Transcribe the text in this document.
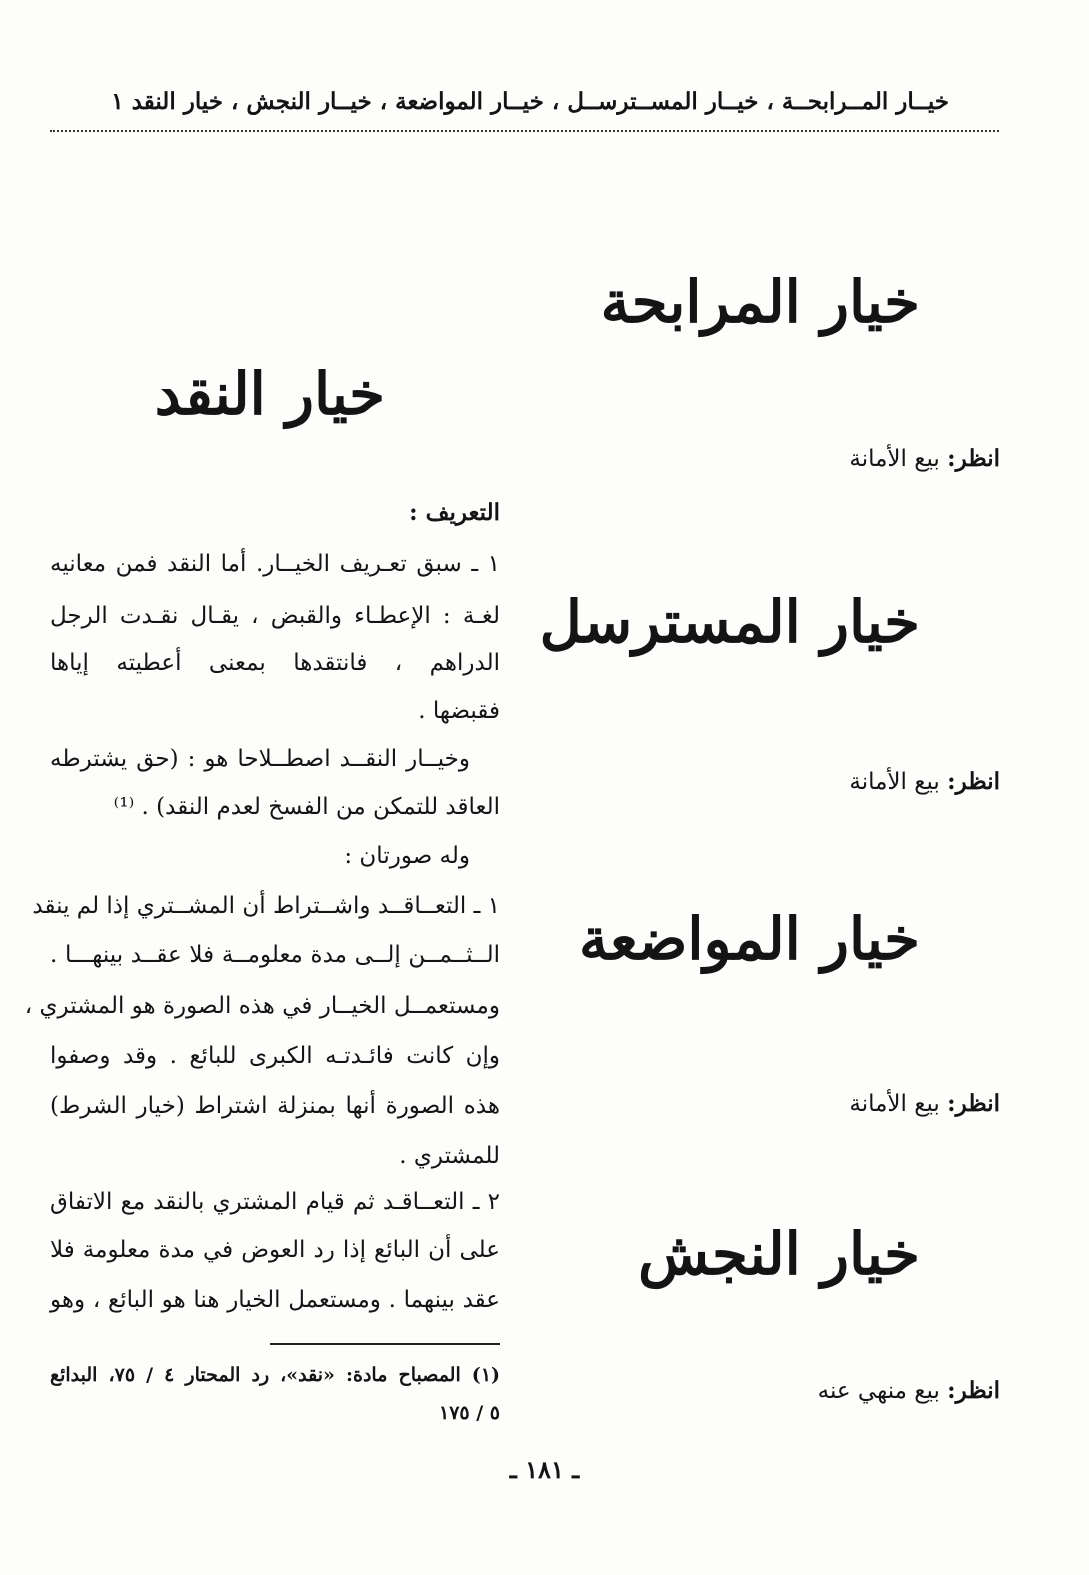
خيــار المــرابحــة ، خيــار المســترســل ، خيــار المواضعة ، خيــار النجش ، خيار النقد ١
خيار المرابحة
انظر: بيع الأمانة
خيار المسترسل
انظر: بيع الأمانة
خيار المواضعة
انظر: بيع الأمانة
خيار النجش
انظر: بيع منهي عنه
خيار النقد
التعريف :
١ ـ سبق تعـريف الخيــار. أما النقد فمن معانيه
لغـة : الإعطـاء والقبض ، يقـال نقـدت الرجل
الدراهم ، فانتقدها بمعنى أعطيته إياها
فقبضها .
وخيــار النقــد اصطــلاحا هو : (حق يشترطه
العاقد للتمكن من الفسخ لعدم النقد) . ⁽¹⁾
وله صورتان :
١ ـ التعــاقــد واشــتراط أن المشــتري إذا لم ينقد
الــثــمــن إلــى مدة معلومــة فلا عقــد بينهـــا .
ومستعمــل الخيــار في هذه الصورة هو المشتري ،
وإن كانت فائـدتـه الكبرى للبائع . وقد وصفوا
هذه الصورة أنها بمنزلة اشتراط (خيار الشرط)
للمشتري .
٢ ـ التعــاقـد ثم قيام المشتري بالنقد مع الاتفاق
على أن البائع إذا رد العوض في مدة معلومة فلا
عقد بينهما . ومستعمل الخيار هنا هو البائع ، وهو
(١) المصباح مادة: «نقد»، رد المحتار ٤ / ٧٥، البدائع
٥ / ١٧٥
ـ ١٨١ ـ
